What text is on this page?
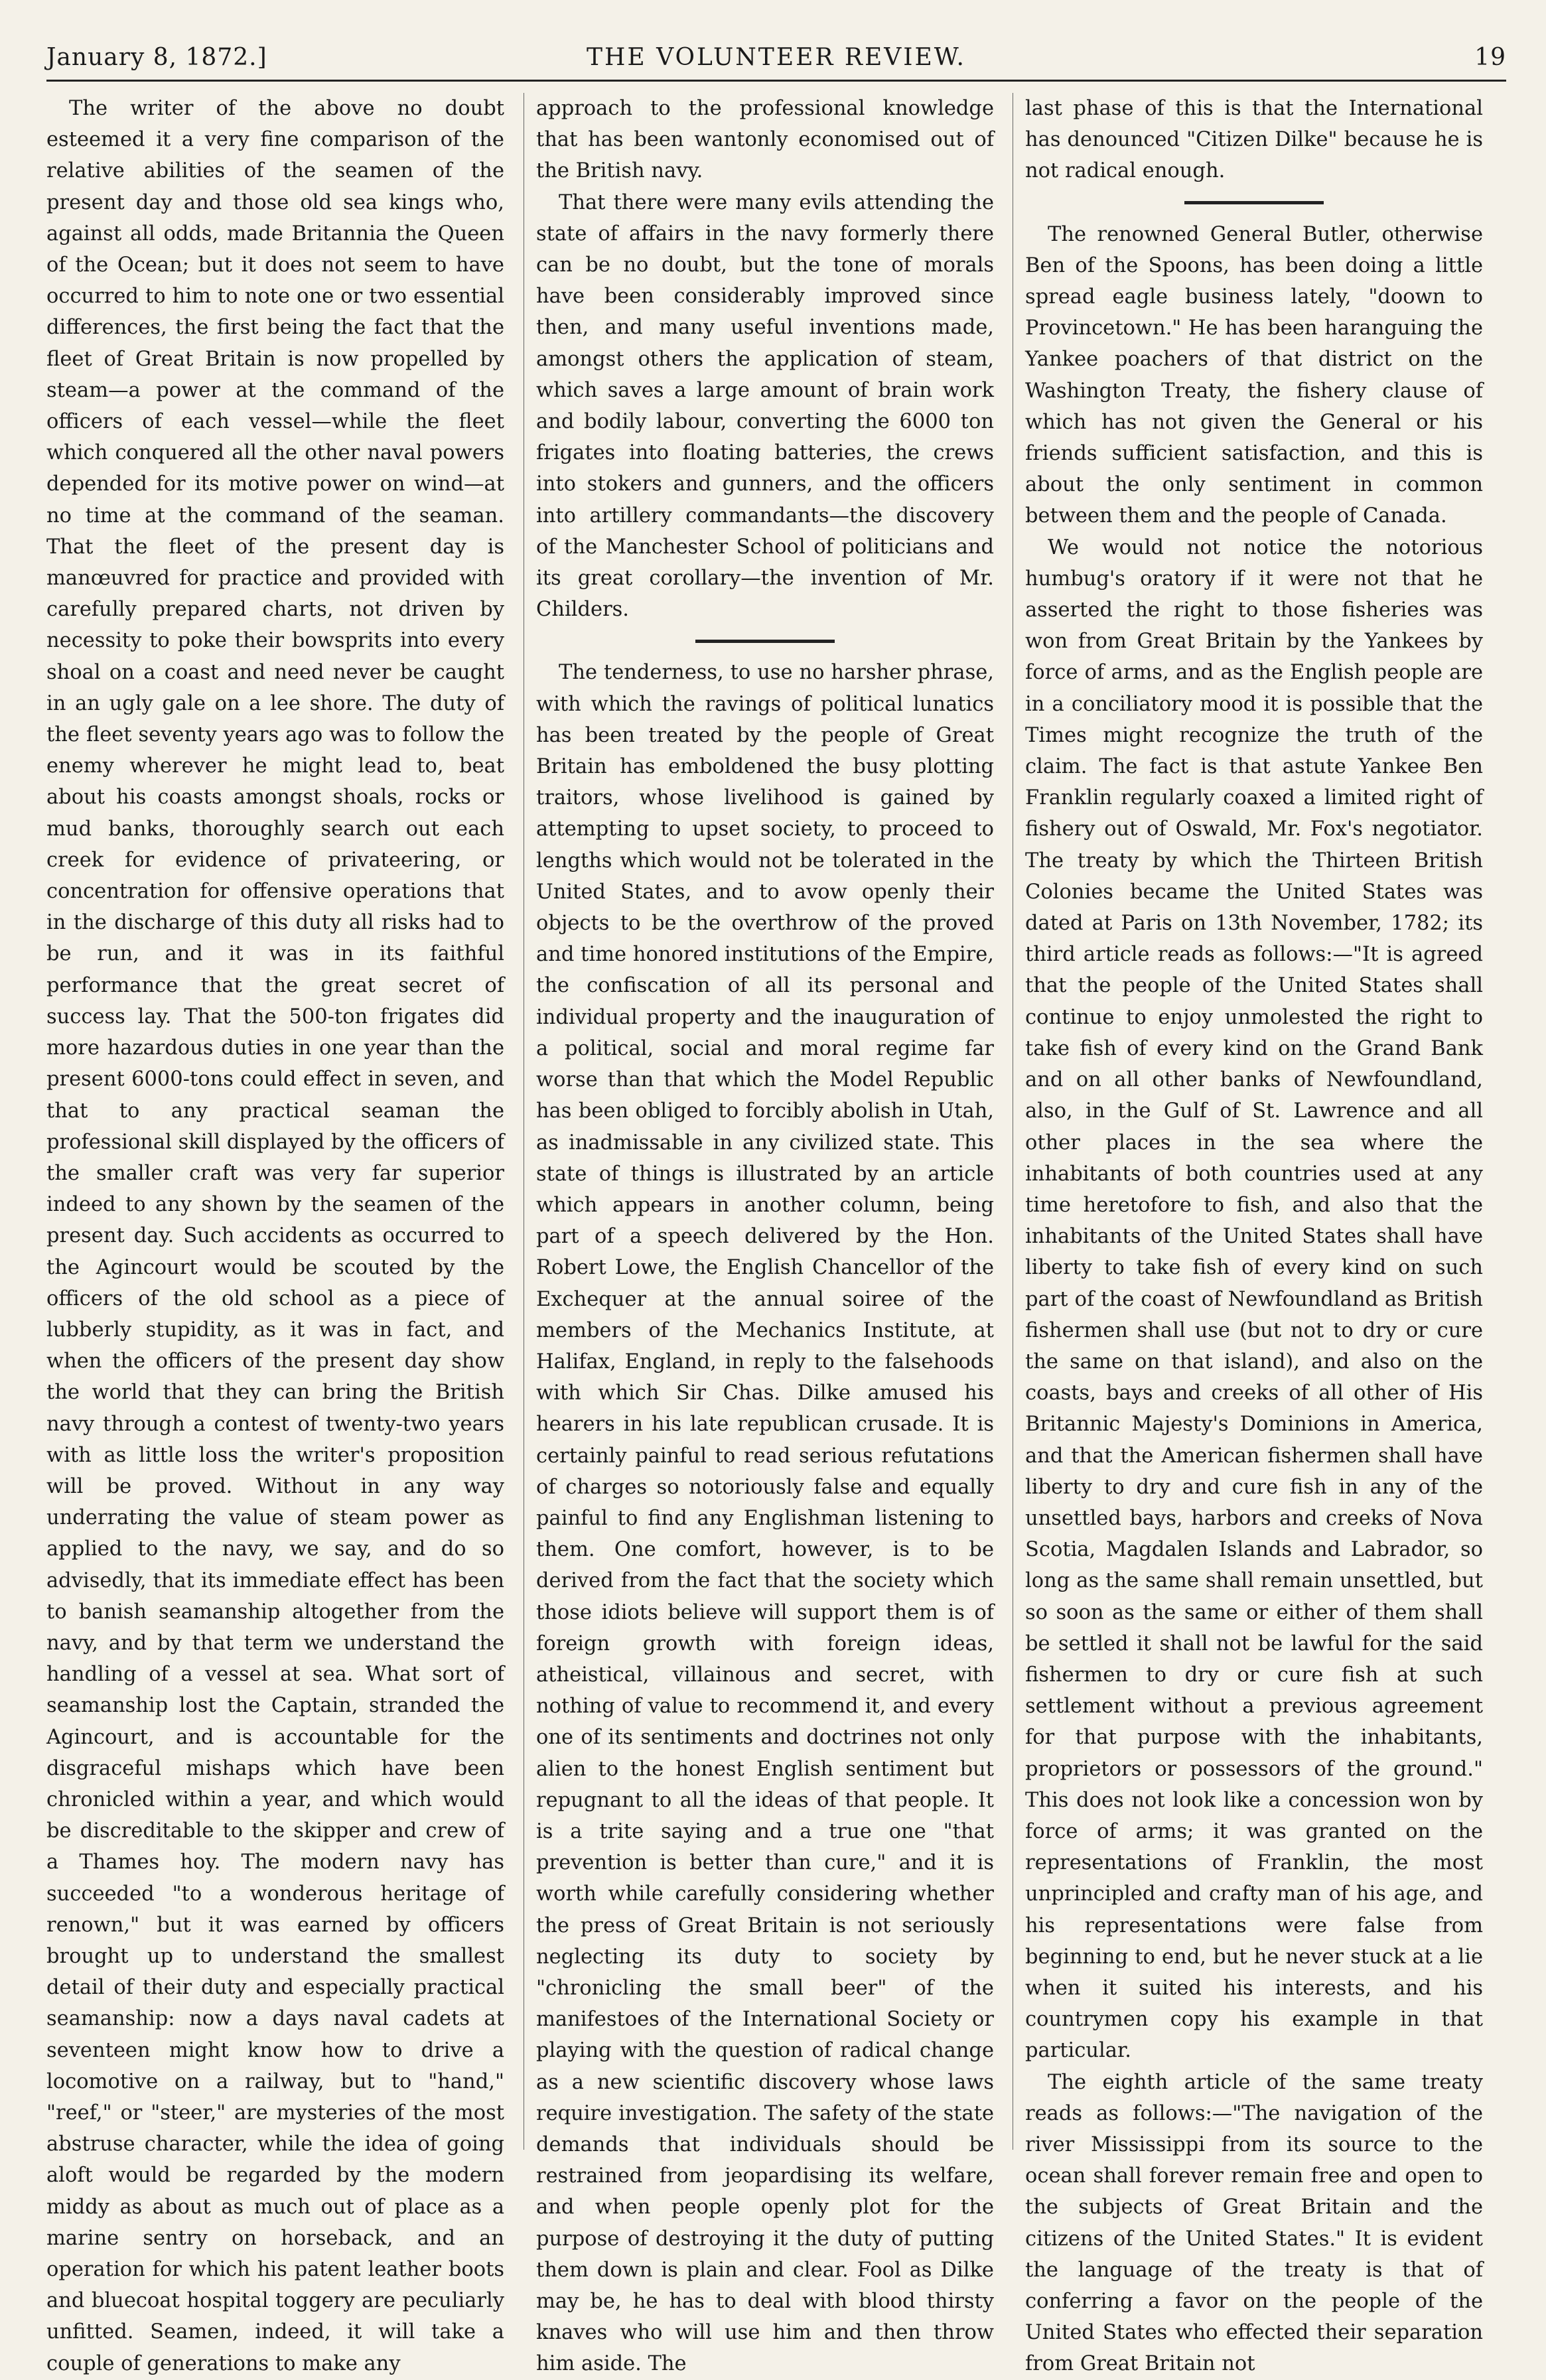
January 8, 1872.]	THE VOLUNTEER REVIEW.	19

The writer of the above no doubt esteemed it a very fine comparison of the relative abilities of the seamen of the present day and those old sea kings who, against all odds, made Britannia the Queen of the Ocean; but it does not seem to have occurred to him to note one or two essential differences, the first being the fact that the fleet of Great Britain is now propelled by steam—a power at the command of the officers of each vessel—while the fleet which conquered all the other naval powers depended for its motive power on wind—at no time at the command of the seaman. That the fleet of the present day is manœuvred for practice and provided with carefully prepared charts, not driven by necessity to poke their bowsprits into every shoal on a coast and need never be caught in an ugly gale on a lee shore. The duty of the fleet seventy years ago was to follow the enemy wherever he might lead to, beat about his coasts amongst shoals, rocks or mud banks, thoroughly search out each creek for evidence of privateering, or concentration for offensive operations that in the discharge of this duty all risks had to be run, and it was in its faithful performance that the great secret of success lay. That the 500-ton frigates did more hazardous duties in one year than the present 6000-tons could effect in seven, and that to any practical seaman the professional skill displayed by the officers of the smaller craft was very far superior indeed to any shown by the seamen of the present day. Such accidents as occurred to the Agincourt would be scouted by the officers of the old school as a piece of lubberly stupidity, as it was in fact, and when the officers of the present day show the world that they can bring the British navy through a contest of twenty-two years with as little loss the writer's proposition will be proved. Without in any way underrating the value of steam power as applied to the navy, we say, and do so advisedly, that its immediate effect has been to banish seamanship altogether from the navy, and by that term we understand the handling of a vessel at sea. What sort of seamanship lost the Captain, stranded the Agincourt, and is accountable for the disgraceful mishaps which have been chronicled within a year, and which would be discreditable to the skipper and crew of a Thames hoy. The modern navy has succeeded "to a wonderous heritage of renown," but it was earned by officers brought up to understand the smallest detail of their duty and especially practical seamanship: now a days naval cadets at seventeen might know how to drive a locomotive on a railway, but to "hand," "reef," or "steer," are mysteries of the most abstruse character, while the idea of going aloft would be regarded by the modern middy as about as much out of place as a marine sentry on horseback, and an operation for which his patent leather boots and bluecoat hospital toggery are peculiarly unfitted. Seamen, indeed, it will take a couple of generations to make any

approach to the professional knowledge that has been wantonly economised out of the British navy.

That there were many evils attending the state of affairs in the navy formerly there can be no doubt, but the tone of morals have been considerably improved since then, and many useful inventions made, amongst others the application of steam, which saves a large amount of brain work and bodily labour, converting the 6000 ton frigates into floating batteries, the crews into stokers and gunners, and the officers into artillery commandants—the discovery of the Manchester School of politicians and its great corollary—the invention of Mr. Childers.

The tenderness, to use no harsher phrase, with which the ravings of political lunatics has been treated by the people of Great Britain has emboldened the busy plotting traitors, whose livelihood is gained by attempting to upset society, to proceed to lengths which would not be tolerated in the United States, and to avow openly their objects to be the overthrow of the proved and time honored institutions of the Empire, the confiscation of all its personal and individual property and the inauguration of a political, social and moral regime far worse than that which the Model Republic has been obliged to forcibly abolish in Utah, as inadmissable in any civilized state. This state of things is illustrated by an article which appears in another column, being part of a speech delivered by the Hon. Robert Lowe, the English Chancellor of the Exchequer at the annual soiree of the members of the Mechanics Institute, at Halifax, England, in reply to the falsehoods with which Sir Chas. Dilke amused his hearers in his late republican crusade. It is certainly painful to read serious refutations of charges so notoriously false and equally painful to find any Englishman listening to them. One comfort, however, is to be derived from the fact that the society which those idiots believe will support them is of foreign growth with foreign ideas, atheistical, villainous and secret, with nothing of value to recommend it, and every one of its sentiments and doctrines not only alien to the honest English sentiment but repugnant to all the ideas of that people. It is a trite saying and a true one "that prevention is better than cure," and it is worth while carefully considering whether the press of Great Britain is not seriously neglecting its duty to society by "chronicling the small beer" of the manifestoes of the International Society or playing with the question of radical change as a new scientific discovery whose laws require investigation. The safety of the state demands that individuals should be restrained from jeopardising its welfare, and when people openly plot for the purpose of destroying it the duty of putting them down is plain and clear. Fool as Dilke may be, he has to deal with blood thirsty knaves who will use him and then throw him aside. The

last phase of this is that the International has denounced "Citizen Dilke" because he is not radical enough.

The renowned General Butler, otherwise Ben of the Spoons, has been doing a little spread eagle business lately, "doown to Provincetown." He has been haranguing the Yankee poachers of that district on the Washington Treaty, the fishery clause of which has not given the General or his friends sufficient satisfaction, and this is about the only sentiment in common between them and the people of Canada.

We would not notice the notorious humbug's oratory if it were not that he asserted the right to those fisheries was won from Great Britain by the Yankees by force of arms, and as the English people are in a conciliatory mood it is possible that the Times might recognize the truth of the claim. The fact is that astute Yankee Ben Franklin regularly coaxed a limited right of fishery out of Oswald, Mr. Fox's negotiator. The treaty by which the Thirteen British Colonies became the United States was dated at Paris on 13th November, 1782; its third article reads as follows:—"It is agreed that the people of the United States shall continue to enjoy unmolested the right to take fish of every kind on the Grand Bank and on all other banks of Newfoundland, also, in the Gulf of St. Lawrence and all other places in the sea where the inhabitants of both countries used at any time heretofore to fish, and also that the inhabitants of the United States shall have liberty to take fish of every kind on such part of the coast of Newfoundland as British fishermen shall use (but not to dry or cure the same on that island), and also on the coasts, bays and creeks of all other of His Britannic Majesty's Dominions in America, and that the American fishermen shall have liberty to dry and cure fish in any of the unsettled bays, harbors and creeks of Nova Scotia, Magdalen Islands and Labrador, so long as the same shall remain unsettled, but so soon as the same or either of them shall be settled it shall not be lawful for the said fishermen to dry or cure fish at such settlement without a previous agreement for that purpose with the inhabitants, proprietors or possessors of the ground." This does not look like a concession won by force of arms; it was granted on the representations of Franklin, the most unprincipled and crafty man of his age, and his representations were false from beginning to end, but he never stuck at a lie when it suited his interests, and his countrymen copy his example in that particular.

The eighth article of the same treaty reads as follows:—"The navigation of the river Mississippi from its source to the ocean shall forever remain free and open to the subjects of Great Britain and the citizens of the United States." It is evident the language of the treaty is that of conferring a favor on the people of the United States who effected their separation from Great Britain not
